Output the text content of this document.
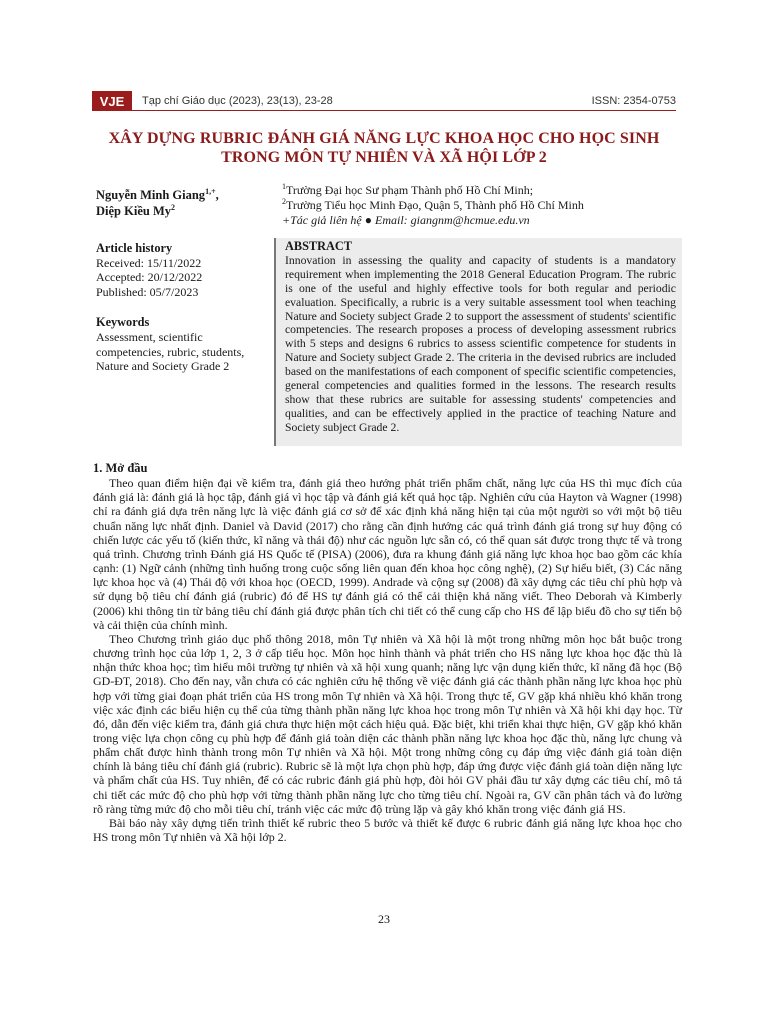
VJE	Tạp chí Giáo dục (2023), 23(13), 23-28	ISSN: 2354-0753
XÂY DỰNG RUBRIC ĐÁNH GIÁ NĂNG LỰC KHOA HỌC CHO HỌC SINH
TRONG MÔN TỰ NHIÊN VÀ XÃ HỘI LỚP 2
Nguyễn Minh Giang$^{1,+}$,
Diệp Kiều My$^2$
$^1$Trường Đại học Sư phạm Thành phố Hồ Chí Minh;
$^2$Trường Tiểu học Minh Đạo, Quận 5, Thành phố Hồ Chí Minh
+Tác giả liên hệ ● Email: giangnm@hcmue.edu.vn
Article history

Received: 15/11/2022

Accepted: 20/12/2022

Published: 05/7/2023

Keywords

Assessment, scientific competencies, rubric, students, Nature and Society Grade 2

ABSTRACT

Innovation in assessing the quality and capacity of students is a mandatory requirement when implementing the 2018 General Education Program. The rubric is one of the useful and highly effective tools for both regular and periodic evaluation. Specifically, a rubric is a very suitable assessment tool when teaching Nature and Society subject Grade 2 to support the assessment of students' scientific competencies. The research proposes a process of developing assessment rubrics with 5 steps and designs 6 rubrics to assess scientific competence for students in Nature and Society subject Grade 2. The criteria in the devised rubrics are included based on the manifestations of each component of specific scientific competencies, general competencies and qualities formed in the lessons. The research results show that these rubrics are suitable for assessing students' competencies and qualities, and can be effectively applied in the practice of teaching Nature and Society subject Grade 2.

1. Mở đầu

Theo quan điểm hiện đại về kiểm tra, đánh giá theo hướng phát triển phẩm chất, năng lực của HS thì mục đích của đánh giá là: đánh giá là học tập, đánh giá vì học tập và đánh giá kết quả học tập. Nghiên cứu của Hayton và Wagner (1998) chỉ ra đánh giá dựa trên năng lực là việc đánh giá cơ sở để xác định khả năng hiện tại của một người so với một bộ tiêu chuẩn năng lực nhất định. Daniel và David (2017) cho rằng cần định hướng các quá trình đánh giá trong sự huy động có chiến lược các yếu tố (kiến thức, kĩ năng và thái độ) như các nguồn lực sẵn có, có thể quan sát được trong thực tế và trong quá trình. Chương trình Đánh giá HS Quốc tế (PISA) (2006), đưa ra khung đánh giá năng lực khoa học bao gồm các khía cạnh: (1) Ngữ cảnh (những tình huống trong cuộc sống liên quan đến khoa học công nghệ), (2) Sự hiểu biết, (3) Các năng lực khoa học và (4) Thái độ với khoa học (OECD, 1999). Andrade và cộng sự (2008) đã xây dựng các tiêu chí phù hợp và sử dụng bộ tiêu chí đánh giá (rubric) đó để HS tự đánh giá có thể cải thiện khả năng viết. Theo Deborah và Kimberly (2006) khi thông tin từ bảng tiêu chí đánh giá được phân tích chi tiết có thể cung cấp cho HS để lập biểu đồ cho sự tiến bộ và cải thiện của chính mình.

Theo Chương trình giáo dục phổ thông 2018, môn Tự nhiên và Xã hội là một trong những môn học bắt buộc trong chương trình học của lớp 1, 2, 3 ở cấp tiểu học. Môn học hình thành và phát triển cho HS năng lực khoa học đặc thù là nhận thức khoa học; tìm hiểu môi trường tự nhiên và xã hội xung quanh; năng lực vận dụng kiến thức, kĩ năng đã học (Bộ GD-ĐT, 2018). Cho đến nay, vẫn chưa có các nghiên cứu hệ thống về việc đánh giá các thành phần năng lực khoa học phù hợp với từng giai đoạn phát triển của HS trong môn Tự nhiên và Xã hội. Trong thực tế, GV gặp khá nhiều khó khăn trong việc xác định các biểu hiện cụ thể của từng thành phần năng lực khoa học trong môn Tự nhiên và Xã hội khi dạy học. Từ đó, dẫn đến việc kiểm tra, đánh giá chưa thực hiện một cách hiệu quả. Đặc biệt, khi triển khai thực hiện, GV gặp khó khăn trong việc lựa chọn công cụ phù hợp để đánh giá toàn diện các thành phần năng lực khoa học đặc thù, năng lực chung và phẩm chất được hình thành trong môn Tự nhiên và Xã hội. Một trong những công cụ đáp ứng việc đánh giá toàn diện chính là bảng tiêu chí đánh giá (rubric). Rubric sẽ là một lựa chọn phù hợp, đáp ứng được việc đánh giá toàn diện năng lực và phẩm chất của HS. Tuy nhiên, để có các rubric đánh giá phù hợp, đòi hỏi GV phải đầu tư xây dựng các tiêu chí, mô tả chi tiết các mức độ cho phù hợp với từng thành phần năng lực cho từng tiêu chí. Ngoài ra, GV cần phân tách và đo lường rõ ràng từng mức độ cho mỗi tiêu chí, tránh việc các mức độ trùng lặp và gây khó khăn trong việc đánh giá HS.

Bài báo này xây dựng tiến trình thiết kế rubric theo 5 bước và thiết kế được 6 rubric đánh giá năng lực khoa học cho HS trong môn Tự nhiên và Xã hội lớp 2.

23
